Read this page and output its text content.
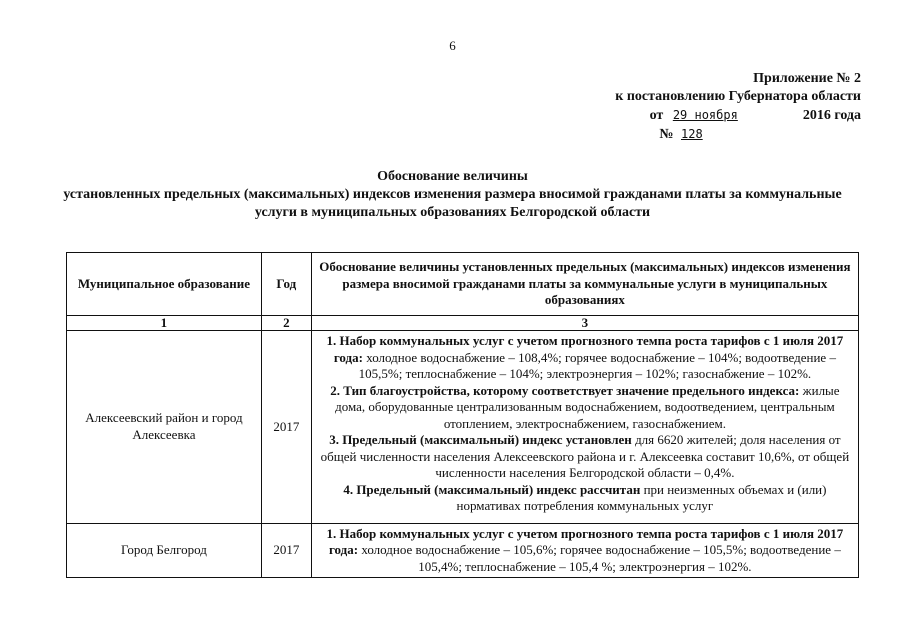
6
Приложение № 2
к постановлению Губернатора области
от 29 ноября	2016 года
№ 128
Обоснование величины
установленных предельных (максимальных) индексов изменения размера вносимой гражданами платы за коммунальные
услуги в муниципальных образованиях Белгородской области
Муниципальное образование	Год	Обоснование величины установленных предельных (максимальных) индексов изменения размера вносимой гражданами платы за коммунальные услуги в муниципальных образованиях
1	2	3
Алексеевский район и город Алексеевка	2017	1. Набор коммунальных услуг с учетом прогнозного темпа роста тарифов с 1 июля 2017 года: холодное водоснабжение – 108,4%; горячее водоснабжение – 104%; водоотведение – 105,5%; теплоснабжение – 104%; электроэнергия – 102%; газоснабжение – 102%.

2. Тип благоустройства, которому соответствует значение предельного индекса: жилые дома, оборудованные централизованным водоснабжением, водоотведением, центральным отоплением, электроснабжением, газоснабжением.

3. Предельный (максимальный) индекс установлен для 6620 жителей; доля населения от общей численности населения Алексеевского района и г. Алексеевка составит 10,6%, от общей численности населения Белгородской области – 0,4%.

4. Предельный (максимальный) индекс рассчитан при неизменных объемах и (или) нормативах потребления коммунальных услуг

Город Белгород	2017	1. Набор коммунальных услуг с учетом прогнозного темпа роста тарифов с 1 июля 2017 года: холодное водоснабжение – 105,6%; горячее водоснабжение – 105,5%; водоотведение – 105,4%; теплоснабжение – 105,4 %; электроэнергия – 102%.
